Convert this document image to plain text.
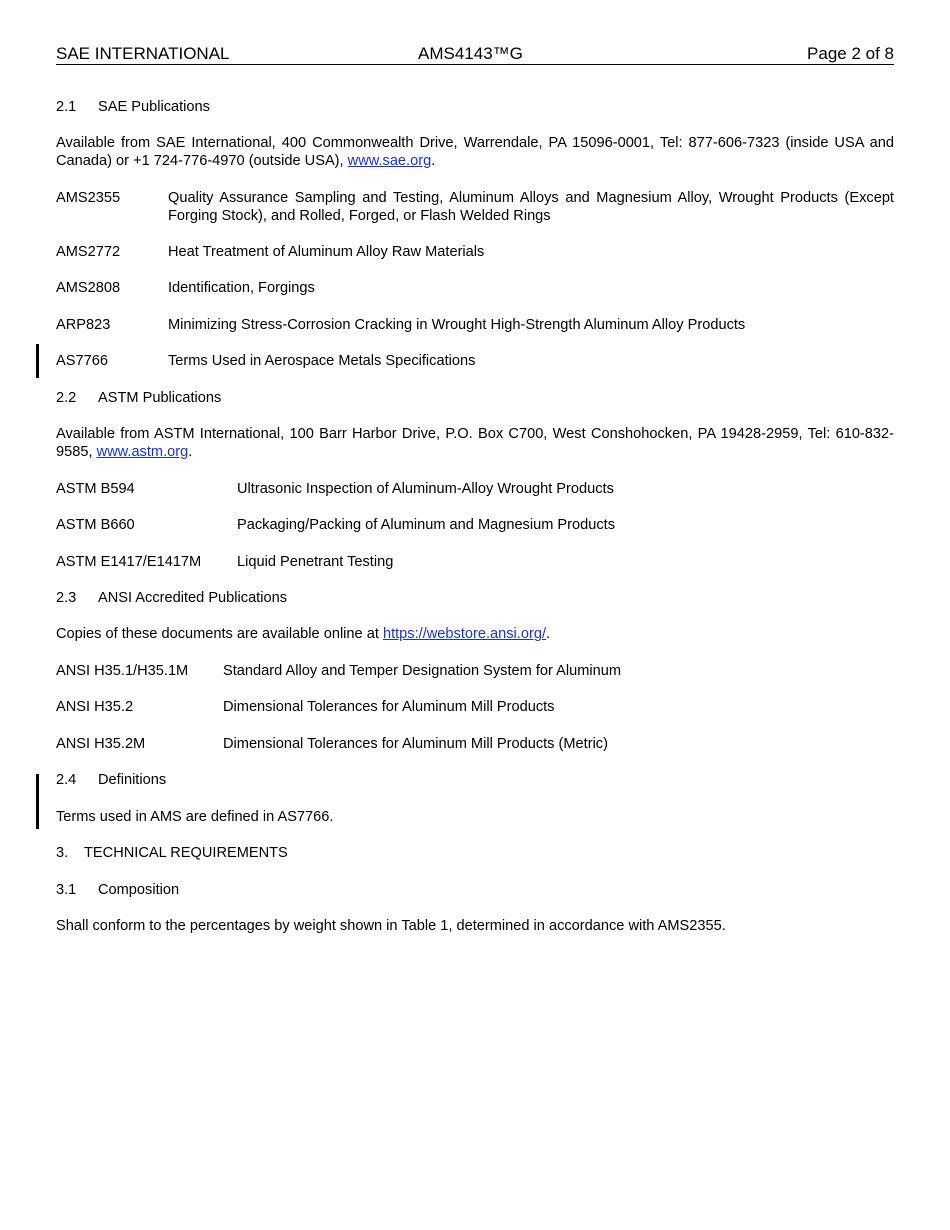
SAE INTERNATIONAL	AMS4143™G	Page 2 of 8
2.1 SAE Publications
Available from SAE International, 400 Commonwealth Drive, Warrendale, PA 15096-0001, Tel: 877-606-7323 (inside USA and Canada) or +1 724-776-4970 (outside USA), www.sae.org.
AMS2355	Quality Assurance Sampling and Testing, Aluminum Alloys and Magnesium Alloy, Wrought Products (Except Forging Stock), and Rolled, Forged, or Flash Welded Rings
AMS2772	Heat Treatment of Aluminum Alloy Raw Materials
AMS2808	Identification, Forgings
ARP823	Minimizing Stress-Corrosion Cracking in Wrought High-Strength Aluminum Alloy Products
AS7766	Terms Used in Aerospace Metals Specifications
2.2 ASTM Publications
Available from ASTM International, 100 Barr Harbor Drive, P.O. Box C700, West Conshohocken, PA 19428-2959, Tel: 610-832-9585, www.astm.org.
ASTM B594	Ultrasonic Inspection of Aluminum-Alloy Wrought Products
ASTM B660	Packaging/Packing of Aluminum and Magnesium Products
ASTM E1417/E1417M Liquid Penetrant Testing
2.3 ANSI Accredited Publications
Copies of these documents are available online at https://webstore.ansi.org/.
ANSI H35.1/H35.1M Standard Alloy and Temper Designation System for Aluminum
ANSI H35.2	Dimensional Tolerances for Aluminum Mill Products
ANSI H35.2M	Dimensional Tolerances for Aluminum Mill Products (Metric)
2.4 Definitions
Terms used in AMS are defined in AS7766.
3. TECHNICAL REQUIREMENTS
3.1 Composition
Shall conform to the percentages by weight shown in Table 1, determined in accordance with AMS2355.
